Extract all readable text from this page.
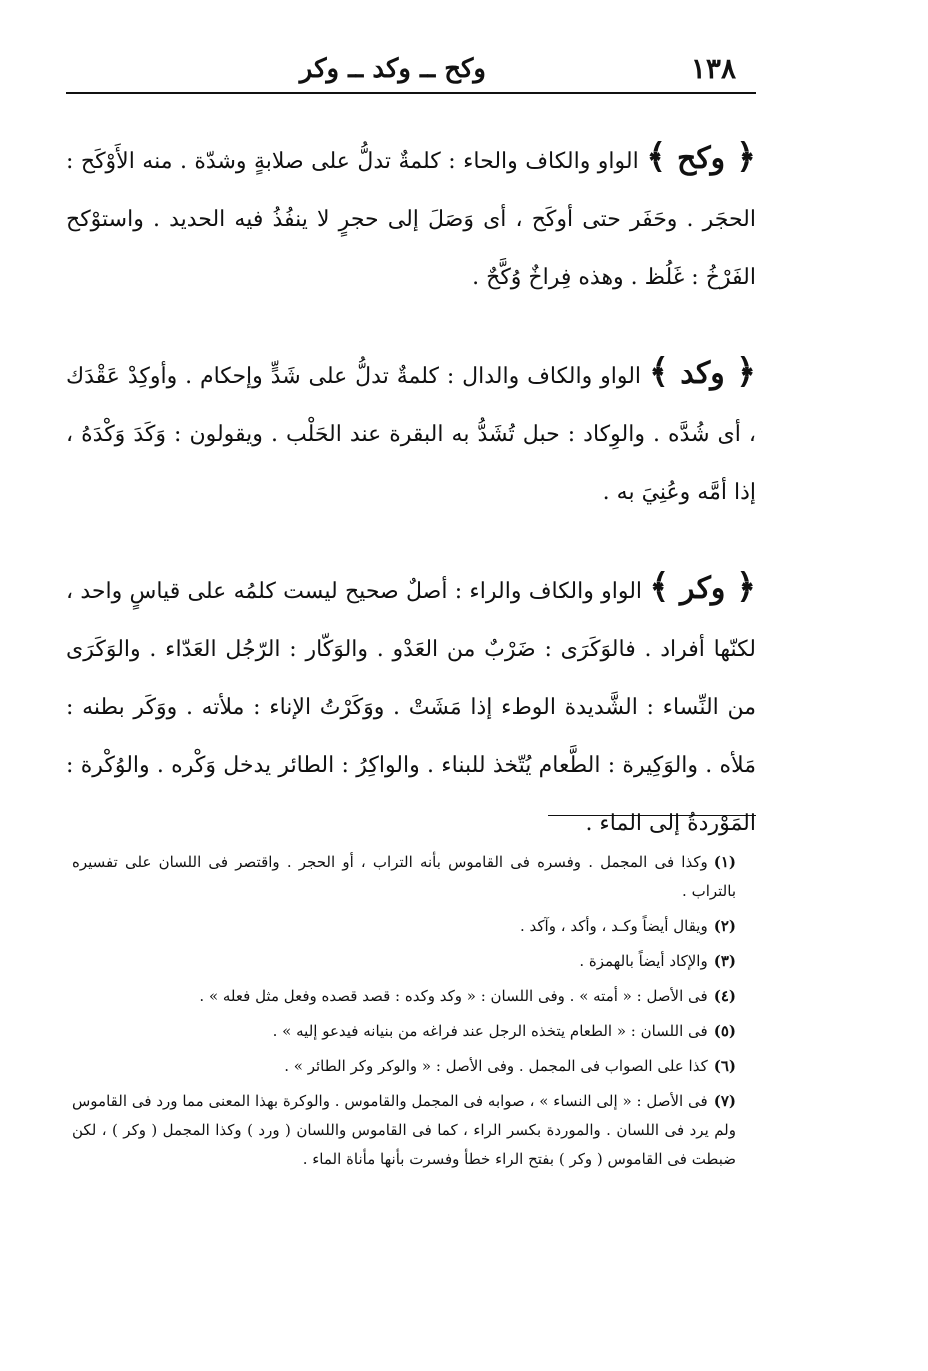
١٣٨
وكح ــ وكد ــ وكر

﴿ وكح ﴾ الواو والكاف والحاء : كلمةٌ تدلُّ على صلابةٍ وشدّة . منه الأَوْكَح : الحجَر . وحَفَر حتى أوكَح ، أى وَصَلَ إلى حجرٍ لا ينفُذُ فيه الحديد . واستوْكح الفَرْخُ : غَلُظ . وهذه فِراخٌ وُكَّحٌ .

﴿ وكد ﴾ الواو والكاف والدال : كلمةٌ تدلُّ على شَدٍّ وإحكام . وأوكِدْ عَقْدَك ، أى شُدَّه . والوِكاد : حبل تُشَدُّ به البقرة عند الحَلْب . ويقولون : وَكَدَ وَكْدَهُ ، إذا أمَّه وعُنِيَ به .

﴿ وكر ﴾ الواو والكاف والراء : أصلٌ صحيح ليست كلمُه على قياسٍ واحد ، لكنّها أفراد . فالوَكَرَى : ضَرْبٌ من العَدْو . والوَكّار : الرّجُل العَدّاء . والوَكَرَى من النِّساء : الشَّديدة الوطء إذا مَشَتْ . ووَكَرْتُ الإناء : ملأته . ووَكَر بطنه : مَلأه . والوَكِيرة : الطَّعام يُتّخذ للبناء . والواكِرُ : الطائر يدخل وَكْره . والوُكْرة : المَوْردةُ إلى الماء .

(١)وكذا فى المجمل . وفسره فى القاموس بأنه التراب ، أو الحجر . واقتصر فى اللسان على تفسيره بالتراب .

(٢)ويقال أيضاً وكـد ، وأكد ، وآكد .

(٣)والإكاد أيضاً بالهمزة .

(٤)فى الأصل : « أمته » . وفى اللسان : « وكد وكده : قصد قصده وفعل مثل فعله » .

(٥)فى اللسان : « الطعام يتخذه الرجل عند فراغه من بنيانه فيدعو إليه » .

(٦)كذا على الصواب فى المجمل . وفى الأصل : « والوكر وكر الطائر » .

(٧)فى الأصل : « إلى النساء » ، صوابه فى المجمل والقاموس . والوكرة بهذا المعنى مما ورد فى القاموس ولم يرد فى اللسان . والموردة بكسر الراء ، كما فى القاموس واللسان ( ورد ) وكذا المجمل ( وكر ) ، لكن ضبطت فى القاموس ( وكر ) بفتح الراء خطأ وفسرت بأنها مأناة الماء .
